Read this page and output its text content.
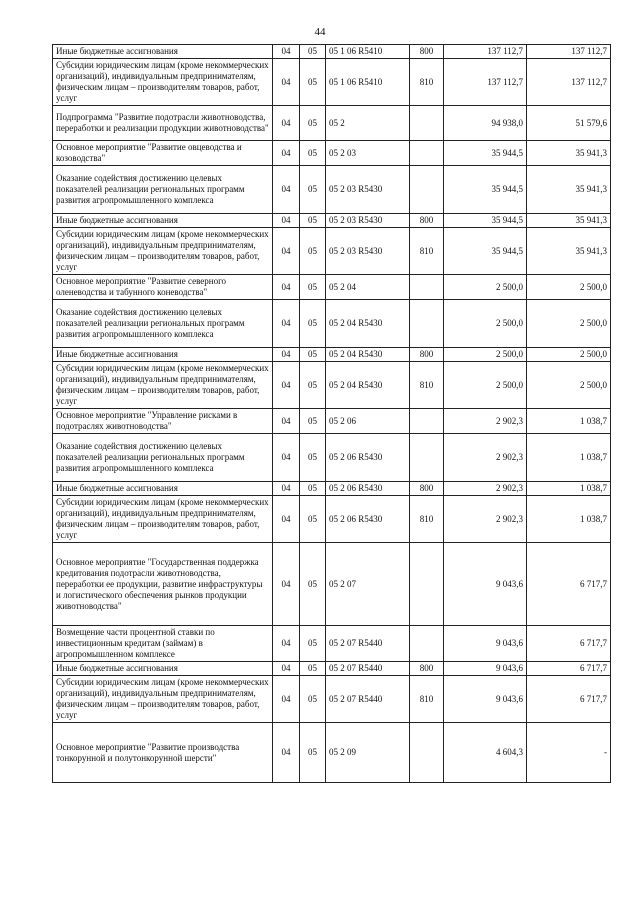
44
Иные бюджетные ассигнования	04	05	05 1 06 R5410	800	137 112,7	137 112,7
Субсидии юридическим лицам (кроме некоммерческих организаций), индивидуальным предпринимателям, физическим лицам – производителям товаров, работ, услуг	04	05	05 1 06 R5410	810	137 112,7	137 112,7
Подпрограмма "Развитие подотрасли животноводства, переработки и реализации продукции животноводства"	04	05	05 2		94 938,0	51 579,6
Основное мероприятие "Развитие овцеводства и козоводства"	04	05	05 2 03		35 944,5	35 941,3
Оказание содействия достижению целевых показателей реализации региональных программ развития агропромышленного комплекса	04	05	05 2 03 R5430		35 944,5	35 941,3
Иные бюджетные ассигнования	04	05	05 2 03 R5430	800	35 944,5	35 941,3
Субсидии юридическим лицам (кроме некоммерческих организаций), индивидуальным предпринимателям, физическим лицам – производителям товаров, работ, услуг	04	05	05 2 03 R5430	810	35 944,5	35 941,3
Основное мероприятие "Развитие северного оленеводства и табунного коневодства"	04	05	05 2 04		2 500,0	2 500,0
Оказание содействия достижению целевых показателей реализации региональных программ развития агропромышленного комплекса	04	05	05 2 04 R5430		2 500,0	2 500,0
Иные бюджетные ассигнования	04	05	05 2 04 R5430	800	2 500,0	2 500,0
Субсидии юридическим лицам (кроме некоммерческих организаций), индивидуальным предпринимателям, физическим лицам – производителям товаров, работ, услуг	04	05	05 2 04 R5430	810	2 500,0	2 500,0
Основное мероприятие "Управление рисками в подотраслях животноводства"	04	05	05 2 06		2 902,3	1 038,7
Оказание содействия достижению целевых показателей реализации региональных программ развития агропромышленного комплекса	04	05	05 2 06 R5430		2 902,3	1 038,7
Иные бюджетные ассигнования	04	05	05 2 06 R5430	800	2 902,3	1 038,7
Субсидии юридическим лицам (кроме некоммерческих организаций), индивидуальным предпринимателям, физическим лицам – производителям товаров, работ, услуг	04	05	05 2 06 R5430	810	2 902,3	1 038,7
Основное мероприятие "Государственная поддержка кредитования подотрасли животноводства, переработки ее продукции, развитие инфраструктуры и логистического обеспечения рынков продукции животноводства"	04	05	05 2 07		9 043,6	6 717,7
Возмещение части процентной ставки по инвестиционным кредитам (займам) в агропромышленном комплексе	04	05	05 2 07 R5440		9 043,6	6 717,7
Иные бюджетные ассигнования	04	05	05 2 07 R5440	800	9 043,6	6 717,7
Субсидии юридическим лицам (кроме некоммерческих организаций), индивидуальным предпринимателям, физическим лицам – производителям товаров, работ, услуг	04	05	05 2 07 R5440	810	9 043,6	6 717,7
Основное мероприятие "Развитие производства тонкорунной и полутонкорунной шерсти"	04	05	05 2 09		4 604,3	-
